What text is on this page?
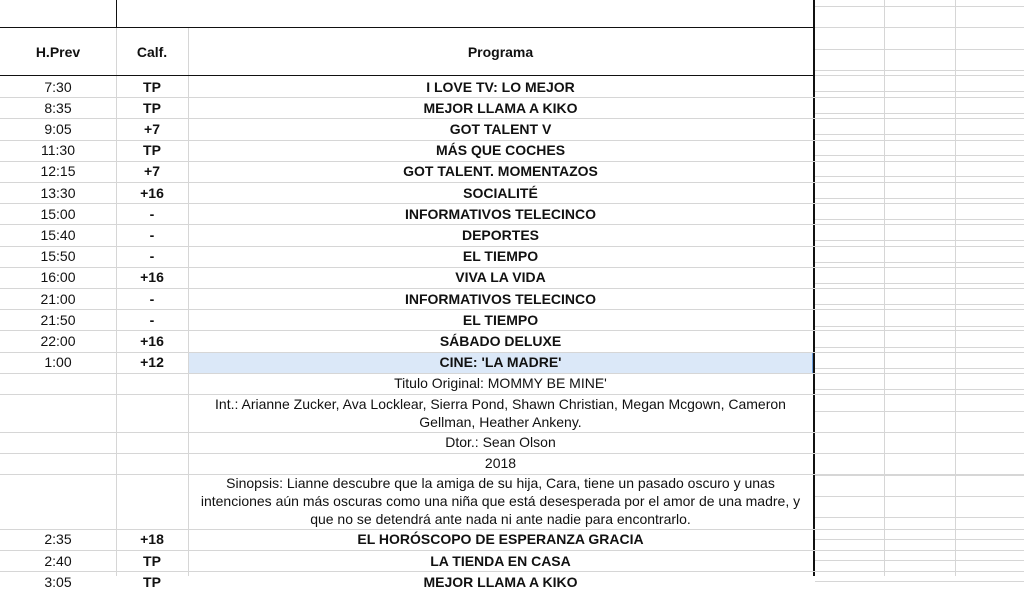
H.Prev	Calf.	Programa
7:30	TP	I LOVE TV: LO MEJOR
8:35	TP	MEJOR LLAMA A KIKO
9:05	+7	GOT TALENT V
11:30	TP	MÁS QUE COCHES
12:15	+7	GOT TALENT. MOMENTAZOS
13:30	+16	SOCIALITÉ
15:00	-	INFORMATIVOS TELECINCO
15:40	-	DEPORTES
15:50	-	EL TIEMPO
16:00	+16	VIVA LA VIDA
21:00	-	INFORMATIVOS TELECINCO
21:50	-	EL TIEMPO
22:00	+16	SÁBADO DELUXE
1:00	+12	CINE: 'LA MADRE'
Titulo Original: MOMMY BE MINE'
Int.: Arianne Zucker, Ava Locklear, Sierra Pond, Shawn Christian, Megan Mcgown, Cameron Gellman, Heather Ankeny.
Dtor.: Sean Olson
2018
Sinopsis: Lianne descubre que la amiga de su hija, Cara, tiene un pasado oscuro y unas intenciones aún más oscuras como una niña que está desesperada por el amor de una madre, y que no se detendrá ante nada ni ante nadie para encontrarlo.
2:35	+18	EL HORÓSCOPO DE ESPERANZA GRACIA
2:40	TP	LA TIENDA EN CASA
3:05	TP	MEJOR LLAMA A KIKO
